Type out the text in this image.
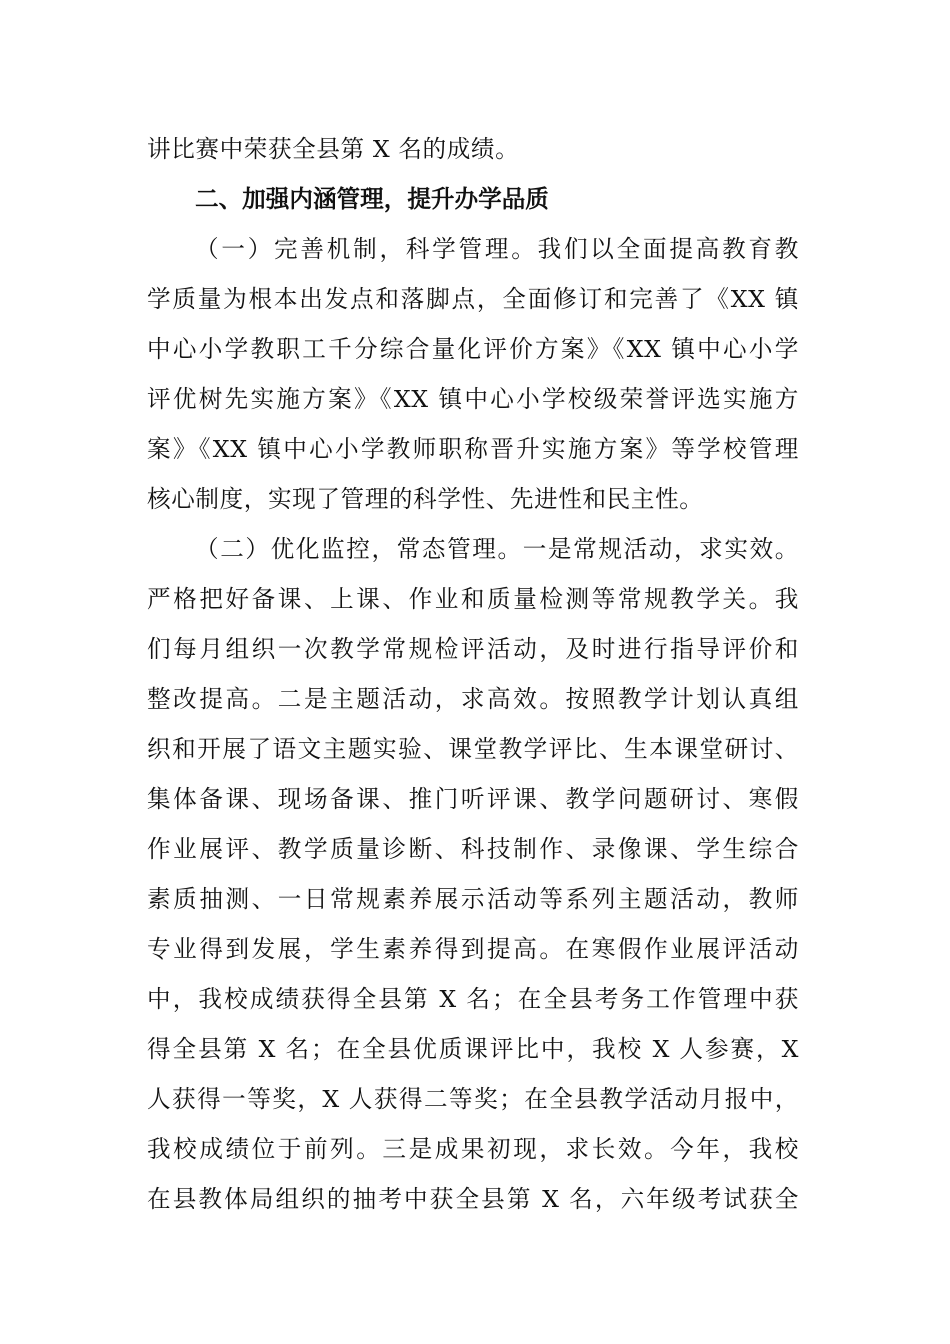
讲比赛中荣获全县第 X 名的成绩。
二、加强内涵管理，提升办学品质
（一）完善机制，科学管理。我们以全面提高教育教
学质量为根本出发点和落脚点，全面修订和完善了《XX 镇
中心小学教职工千分综合量化评价方案》《XX 镇中心小学
评优树先实施方案》《XX 镇中心小学校级荣誉评选实施方
案》《XX 镇中心小学教师职称晋升实施方案》等学校管理
核心制度，实现了管理的科学性、先进性和民主性。
（二）优化监控，常态管理。一是常规活动，求实效。
严格把好备课、上课、作业和质量检测等常规教学关。我
们每月组织一次教学常规检评活动，及时进行指导评价和
整改提高。二是主题活动，求高效。按照教学计划认真组
织和开展了语文主题实验、课堂教学评比、生本课堂研讨、
集体备课、现场备课、推门听评课、教学问题研讨、寒假
作业展评、教学质量诊断、科技制作、录像课、学生综合
素质抽测、一日常规素养展示活动等系列主题活动，教师
专业得到发展，学生素养得到提高。在寒假作业展评活动
中，我校成绩获得全县第 X 名；在全县考务工作管理中获
得全县第 X 名；在全县优质课评比中，我校 X 人参赛，X
人获得一等奖，X 人获得二等奖；在全县教学活动月报中，
我校成绩位于前列。三是成果初现，求长效。今年，我校
在县教体局组织的抽考中获全县第 X 名，六年级考试获全
